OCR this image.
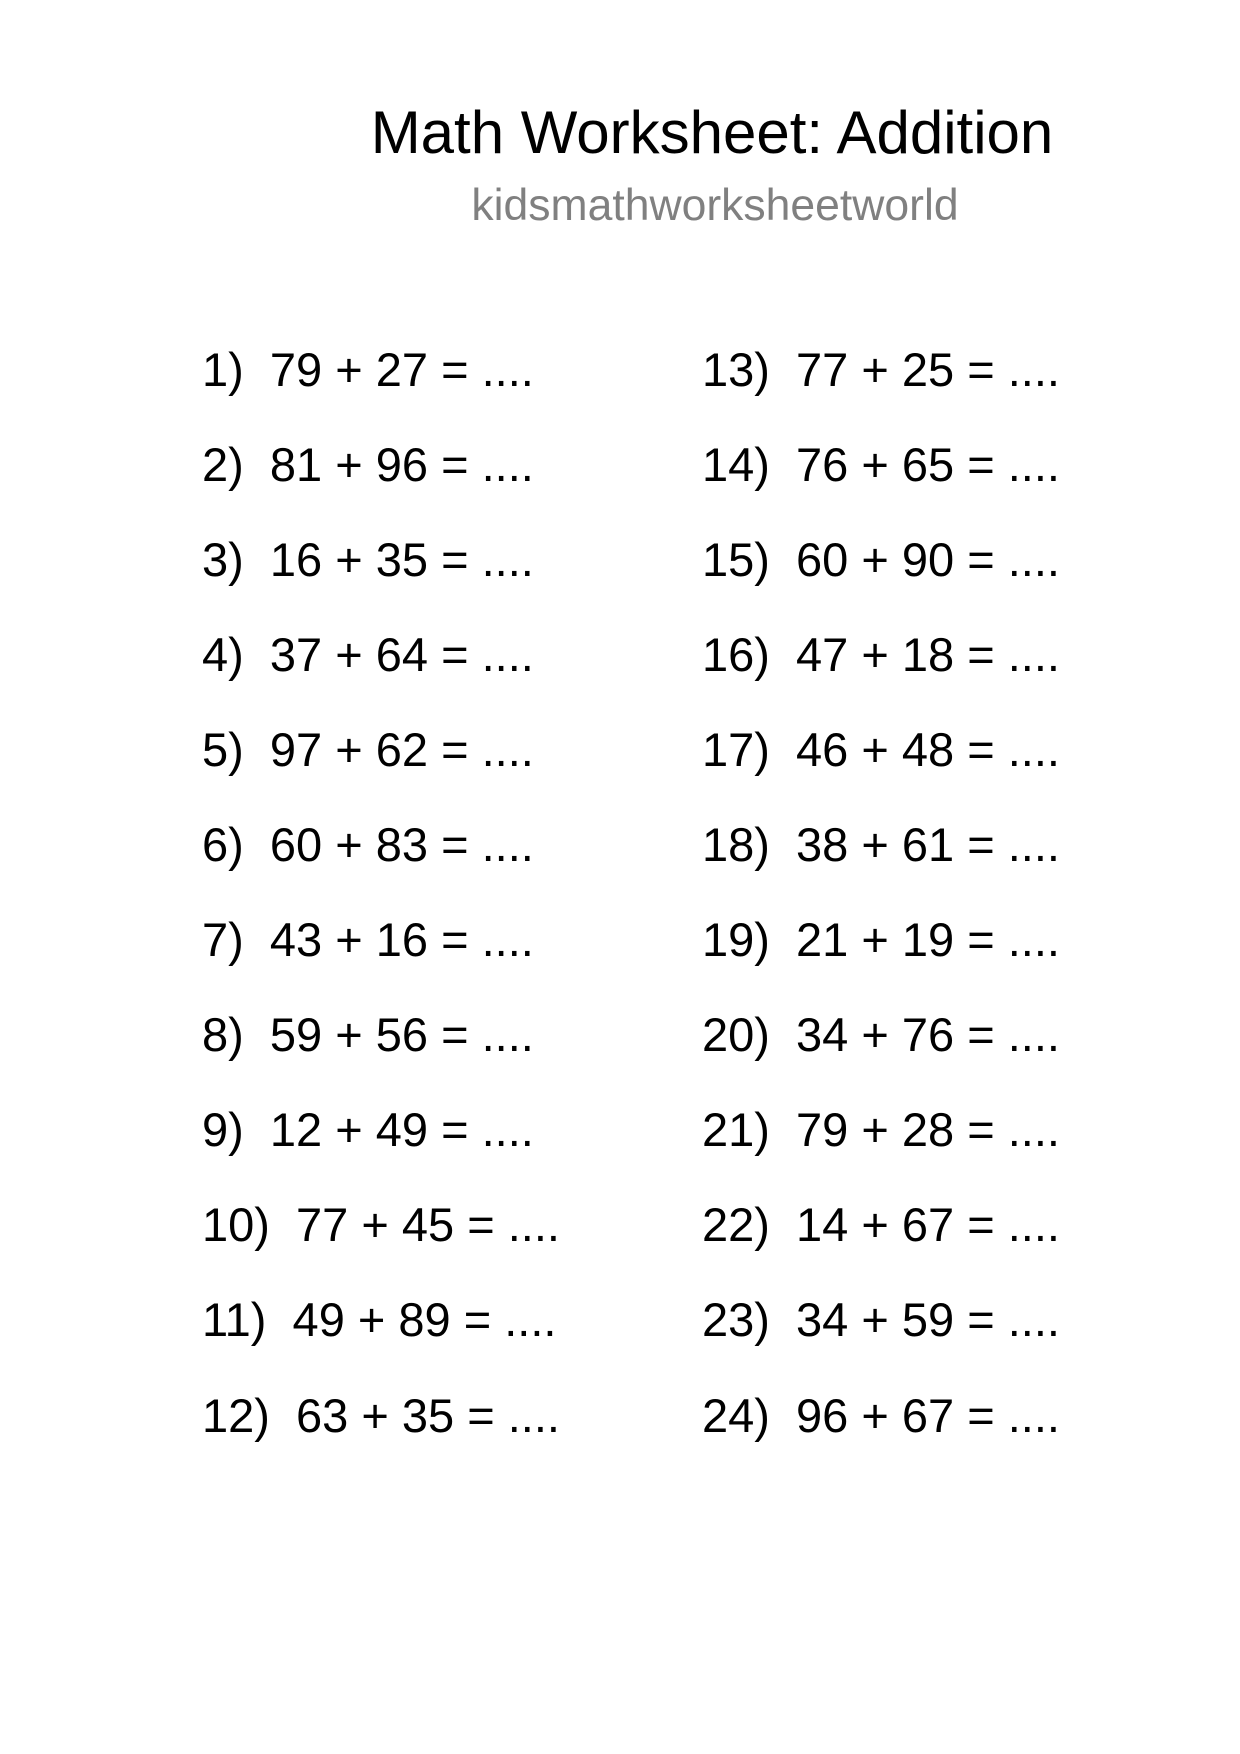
Math Worksheet: Addition
kidsmathworksheetworld
1)  79 + 27 = ....
2)  81 + 96 = ....
3)  16 + 35 = ....
4)  37 + 64 = ....
5)  97 + 62 = ....
6)  60 + 83 = ....
7)  43 + 16 = ....
8)  59 + 56 = ....
9)  12 + 49 = ....
10)  77 + 45 = ....
11)  49 + 89 = ....
12)  63 + 35 = ....
13)  77 + 25 = ....
14)  76 + 65 = ....
15)  60 + 90 = ....
16)  47 + 18 = ....
17)  46 + 48 = ....
18)  38 + 61 = ....
19)  21 + 19 = ....
20)  34 + 76 = ....
21)  79 + 28 = ....
22)  14 + 67 = ....
23)  34 + 59 = ....
24)  96 + 67 = ....
